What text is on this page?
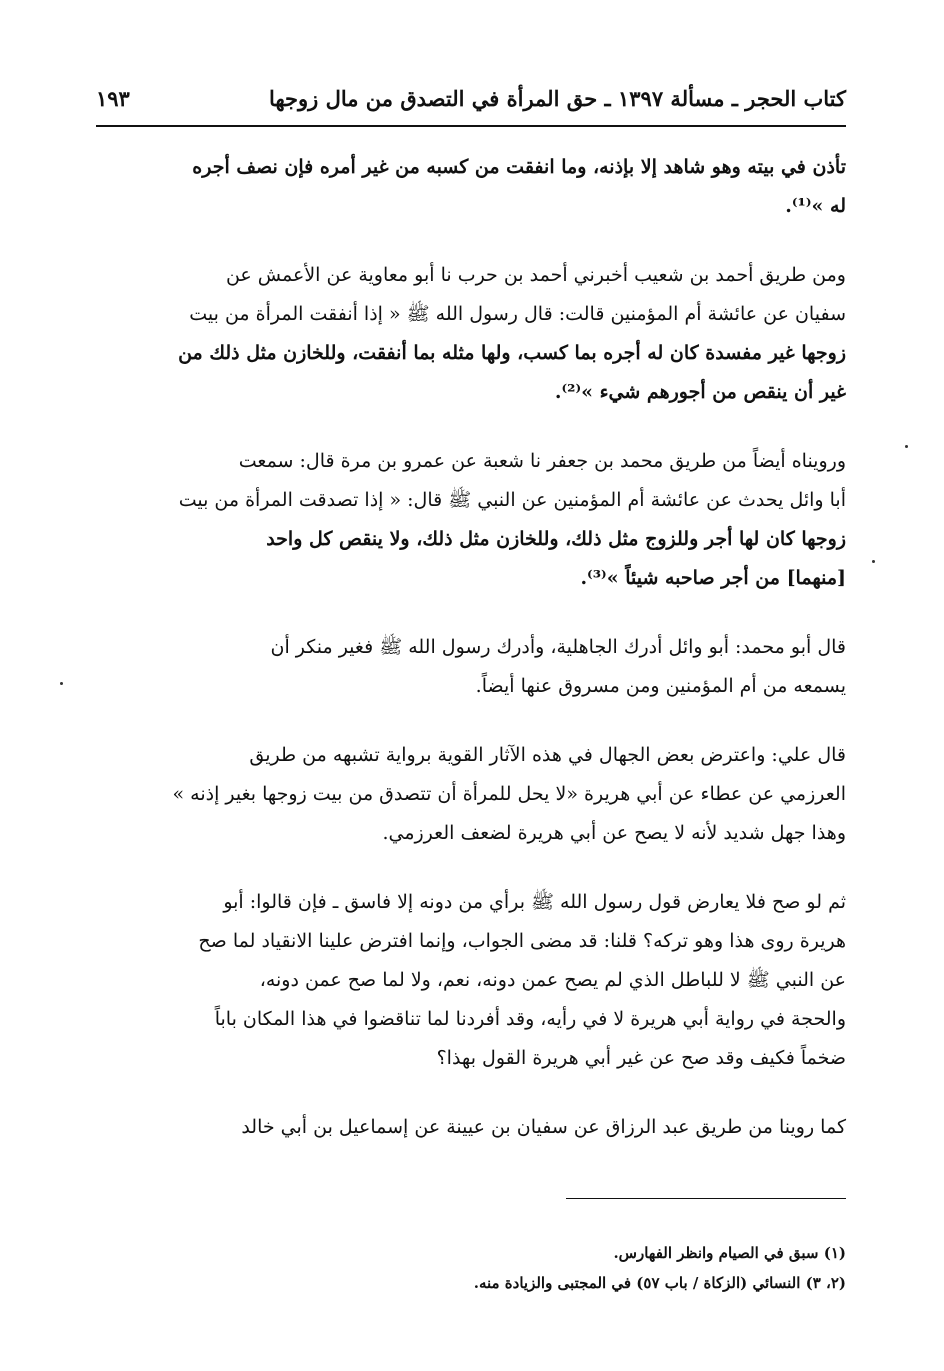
كتاب الحجر ـ مسألة ١٣٩٧ ـ حق المرأة في التصدق من مال زوجها
١٩٣

تأذن في بيته وهو شاهد إلا بإذنه، وما انفقت من كسبه من غير أمره فإن نصف أجره

له »⁽¹⁾.

ومن طريق أحمد بن شعيب أخبرني أحمد بن حرب نا أبو معاوية عن الأعمش عن

سفيان عن عائشة أم المؤمنين قالت: قال رسول الله ﷺ « إذا أنفقت المرأة من بيت

زوجها غير مفسدة كان له أجره بما كسب، ولها مثله بما أنفقت، وللخازن مثل ذلك من

غير أن ينقص من أجورهم شيء »⁽²⁾.

ورويناه أيضاً من طريق محمد بن جعفر نا شعبة عن عمرو بن مرة قال: سمعت

أبا وائل يحدث عن عائشة أم المؤمنين عن النبي ﷺ قال: « إذا تصدقت المرأة من بيت

زوجها كان لها أجر وللزوج مثل ذلك، وللخازن مثل ذلك، ولا ينقص كل واحد

[منهما] من أجر صاحبه شيئاً »⁽³⁾.

قال أبو محمد: أبو وائل أدرك الجاهلية، وأدرك رسول الله ﷺ فغير منكر أن

يسمعه من أم المؤمنين ومن مسروق عنها أيضاً.

قال علي: واعترض بعض الجهال في هذه الآثار القوية برواية تشبهه من طريق

العرزمي عن عطاء عن أبي هريرة «لا يحل للمرأة أن تتصدق من بيت زوجها بغير إذنه »

وهذا جهل شديد لأنه لا يصح عن أبي هريرة لضعف العرزمي.

ثم لو صح فلا يعارض قول رسول الله ﷺ برأي من دونه إلا فاسق ـ فإن قالوا: أبو

هريرة روى هذا وهو تركه؟ قلنا: قد مضى الجواب، وإنما افترض علينا الانقياد لما صح

عن النبي ﷺ لا للباطل الذي لم يصح عمن دونه، نعم، ولا لما صح عمن دونه،

والحجة في رواية أبي هريرة لا في رأيه، وقد أفردنا لما تناقضوا في هذا المكان باباً

ضخماً فكيف وقد صح عن غير أبي هريرة القول بهذا؟

كما روينا من طريق عبد الرزاق عن سفيان بن عيينة عن إسماعيل بن أبي خالد

(١) سبق في الصيام وانظر الفهارس.

(٢، ٣) النسائي (الزكاة / باب ٥٧) في المجتبى والزيادة منه.
